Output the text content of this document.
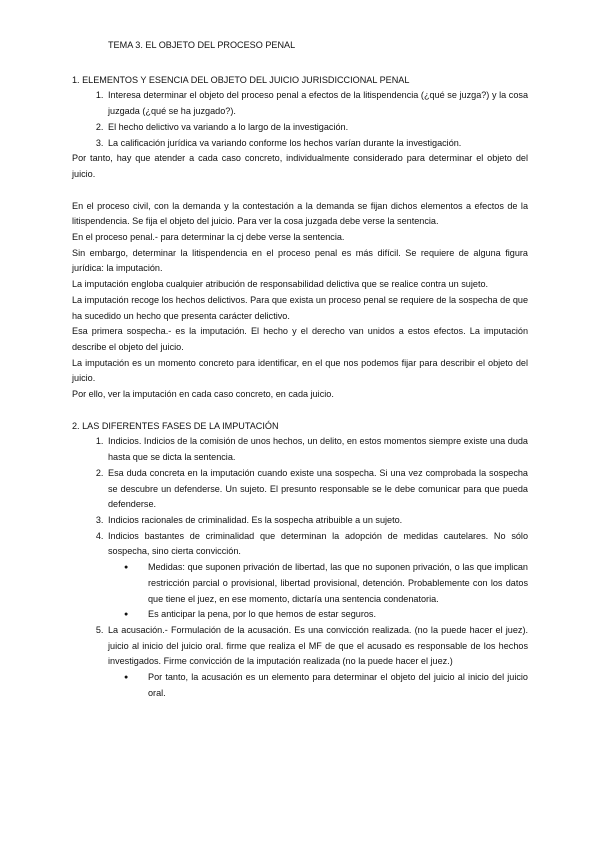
TEMA 3. EL OBJETO DEL PROCESO PENAL
1. ELEMENTOS Y ESENCIA DEL OBJETO DEL JUICIO JURISDICCIONAL PENAL
1. Interesa determinar el objeto del proceso penal a efectos de la litispendencia (¿qué se juzga?) y la cosa juzgada (¿qué se ha juzgado?).
2. El hecho delictivo va variando a lo largo de la investigación.
3. La calificación jurídica va variando conforme los hechos varían durante la investigación.

Por tanto, hay que atender a cada caso concreto, individualmente considerado para determinar el objeto del juicio.

En el proceso civil, con la demanda y la contestación a la demanda se fijan dichos elementos a efectos de la litispendencia. Se fija el objeto del juicio. Para ver la cosa juzgada debe verse la sentencia.

En el proceso penal.- para determinar la cj debe verse la sentencia.

Sin embargo, determinar la litispendencia en el proceso penal es más difícil. Se requiere de alguna figura jurídica: la imputación.

La imputación engloba cualquier atribución de responsabilidad delictiva que se realice contra un sujeto.

La imputación recoge los hechos delictivos. Para que exista un proceso penal se requiere de la sospecha de que ha sucedido un hecho que presenta carácter delictivo.

Esa primera sospecha.- es la imputación. El hecho y el derecho van unidos a estos efectos. La imputación describe el objeto del juicio.

La imputación es un momento concreto para identificar, en el que nos podemos fijar para describir el objeto del juicio.

Por ello, ver la imputación en cada caso concreto, en cada juicio.

2. LAS DIFERENTES FASES DE LA IMPUTACIÓN
1. Indicios. Indicios de la comisión de unos hechos, un delito, en estos momentos siempre existe una duda hasta que se dicta la sentencia.
2. Esa duda concreta en la imputación cuando existe una sospecha. Si una vez comprobada la sospecha se descubre un defenderse. Un sujeto. El presunto responsable se le debe comunicar para que pueda defenderse.
3. Indicios racionales de criminalidad. Es la sospecha atribuible a un sujeto.
4. Indicios bastantes de criminalidad que determinan la adopción de medidas cautelares. No sólo sospecha, sino cierta convicción.
● Medidas: que suponen privación de libertad, las que no suponen privación, o las que implican restricción parcial o provisional, libertad provisional, detención. Probablemente con los datos que tiene el juez, en ese momento, dictaría una sentencia condenatoria.
● Es anticipar la pena, por lo que hemos de estar seguros.
5. La acusación.- Formulación de la acusación. Es una convicción realizada. (no la puede hacer el juez). juicio al inicio del juicio oral. firme que realiza el MF de que el acusado es responsable de los hechos investigados. Firme convicción de la imputación realizada (no la puede hacer el juez.)
● Por tanto, la acusación es un elemento para determinar el objeto del juicio al inicio del juicio oral.
